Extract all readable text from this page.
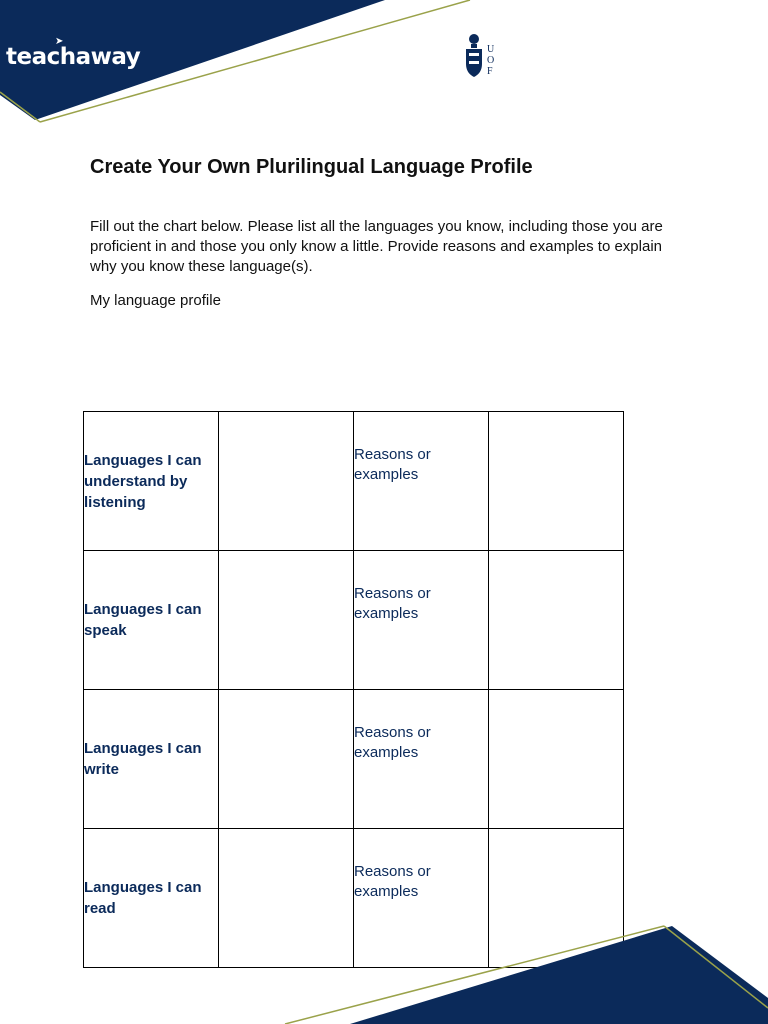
➤
teachaway	U
O
F
Create Your Own Plurilingual Language Profile

Fill out the chart below. Please list all the languages you know, including those you are proficient in and those you only know a little. Provide reasons and examples to explain why you know these language(s).

My language profile

Languages I can understand by listening		Reasons or examples	
Languages I can speak		Reasons or examples	
Languages I can write		Reasons or examples	
Languages I can read		Reasons or examples	
